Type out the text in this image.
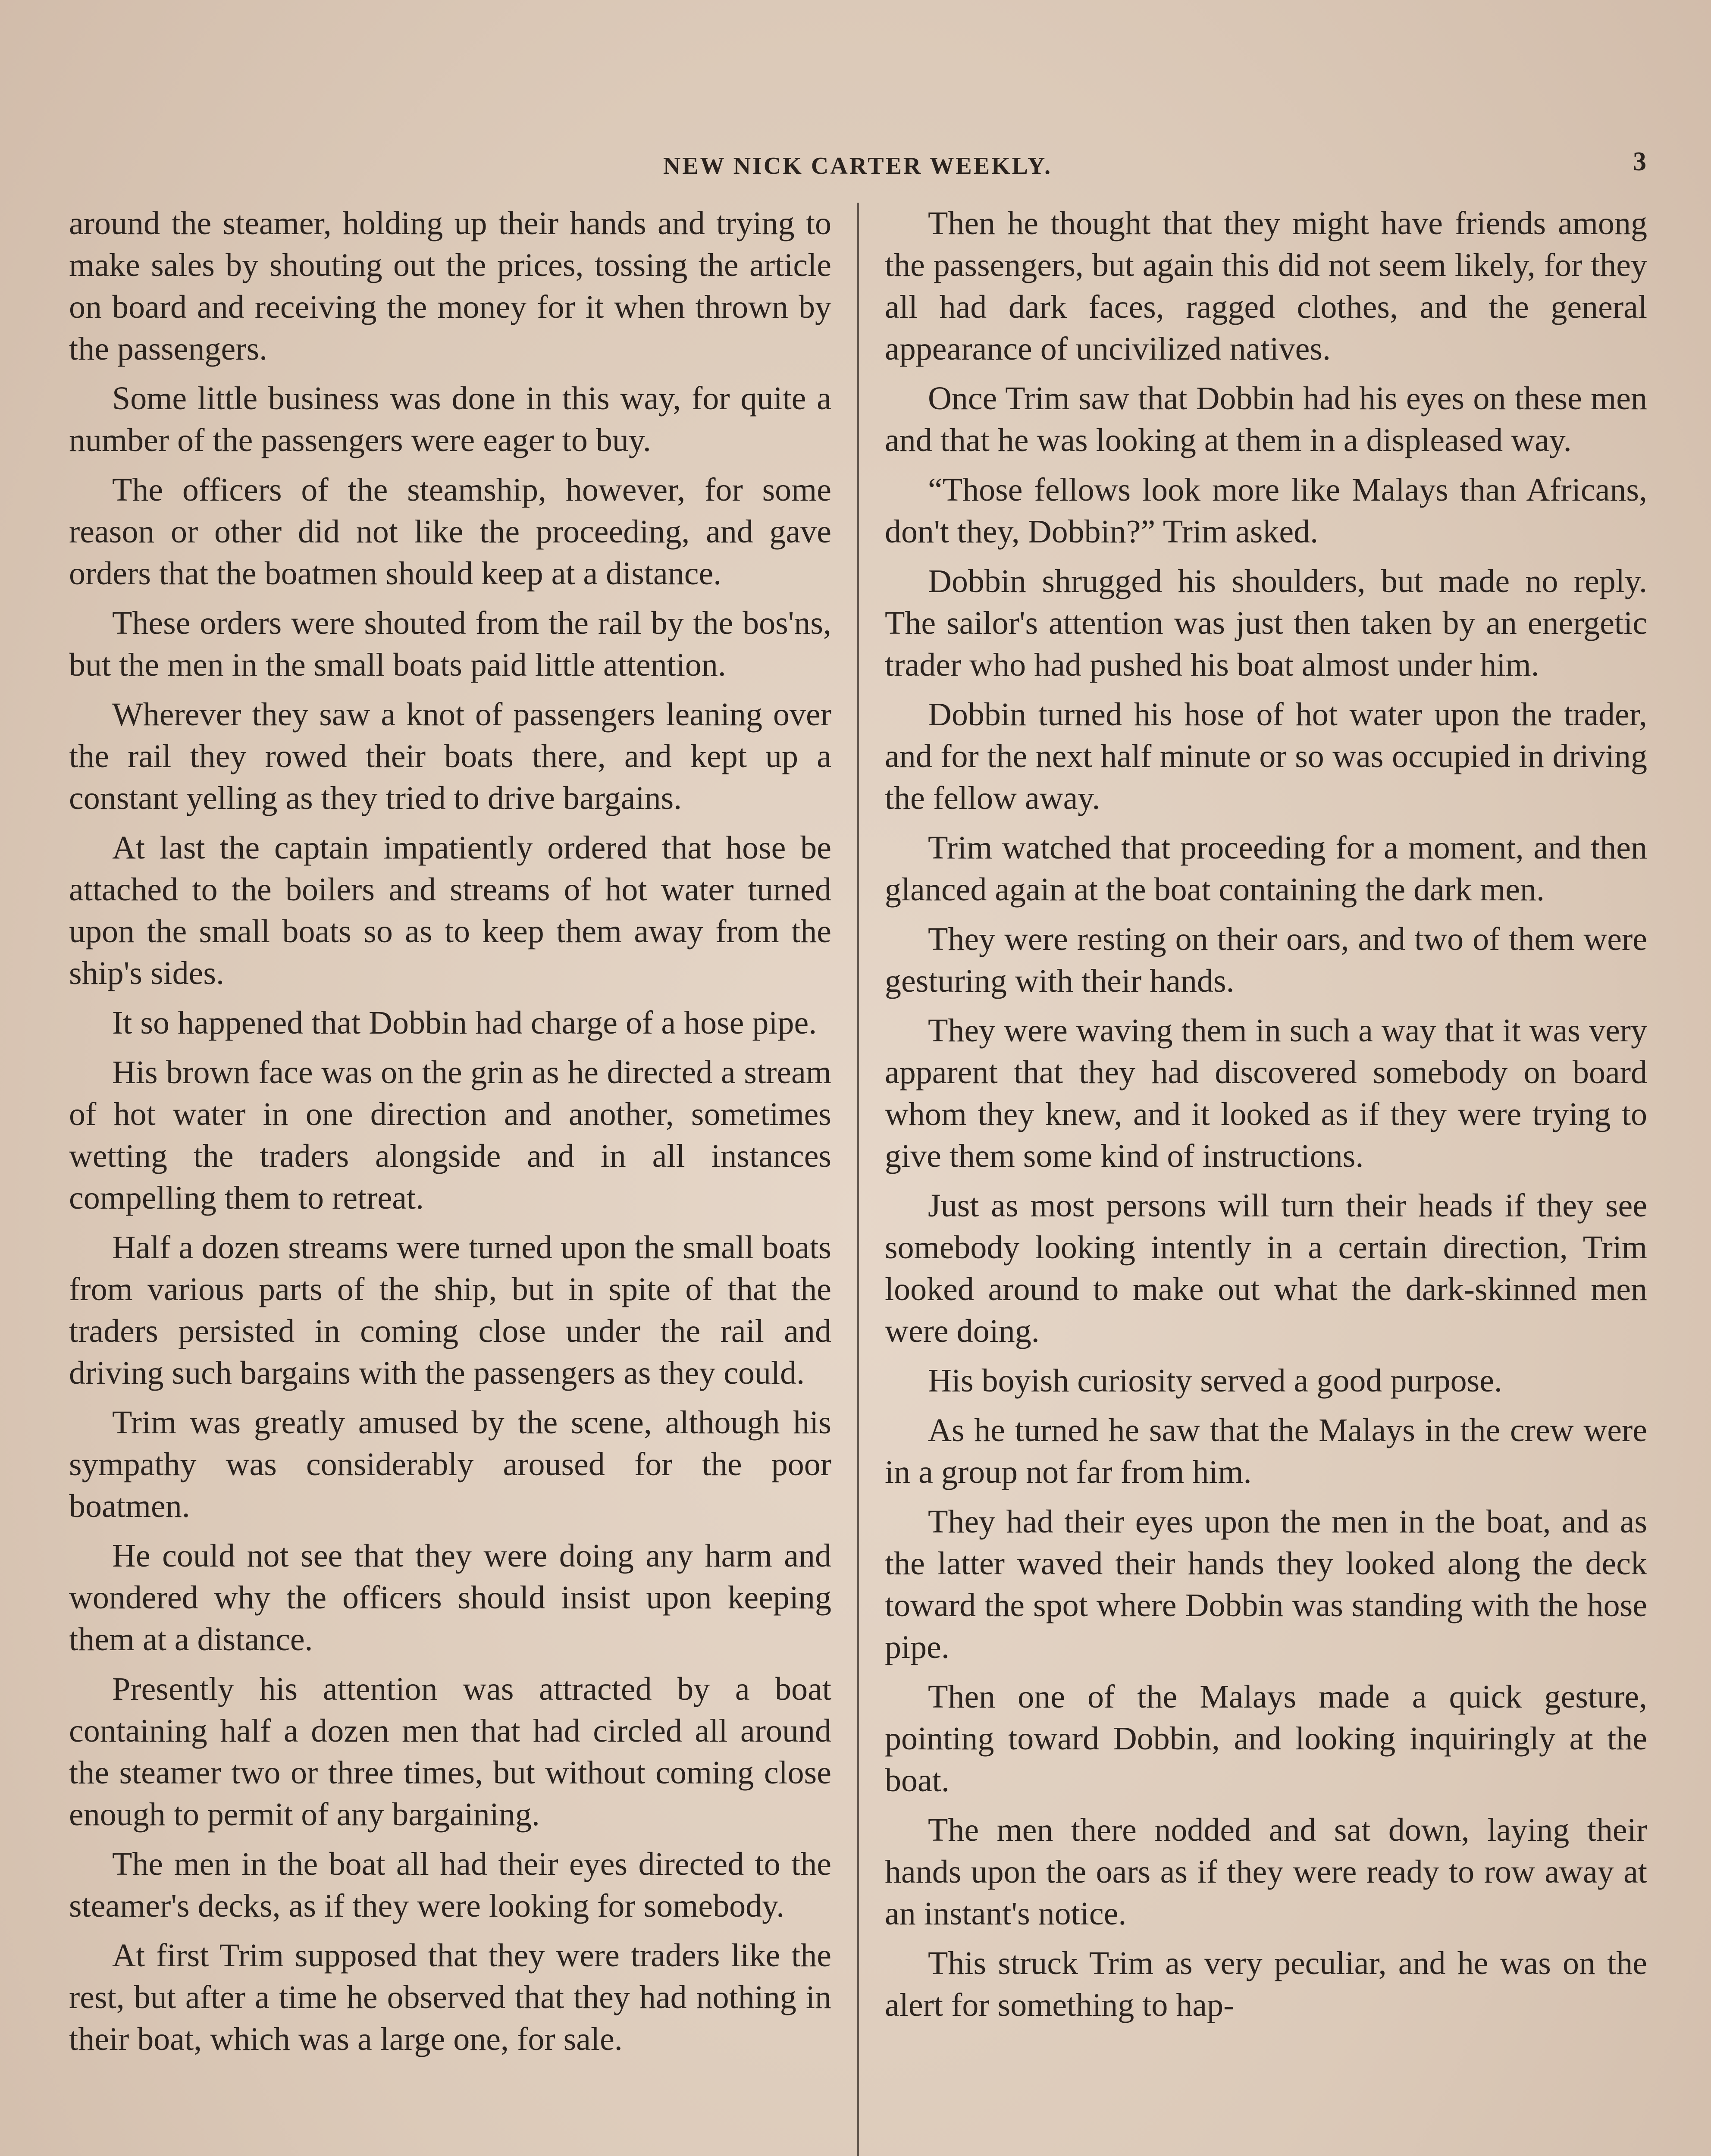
NEW NICK CARTER WEEKLY.	3

around the steamer, holding up their hands and trying to make sales by shouting out the prices, tossing the article on board and receiving the money for it when thrown by the passengers.

Some little business was done in this way, for quite a number of the passengers were eager to buy.

The officers of the steamship, however, for some reason or other did not like the proceeding, and gave orders that the boatmen should keep at a distance.

These orders were shouted from the rail by the bos'ns, but the men in the small boats paid little attention.

Wherever they saw a knot of passengers leaning over the rail they rowed their boats there, and kept up a constant yelling as they tried to drive bargains.

At last the captain impatiently ordered that hose be attached to the boilers and streams of hot water turned upon the small boats so as to keep them away from the ship's sides.

It so happened that Dobbin had charge of a hose pipe.

His brown face was on the grin as he directed a stream of hot water in one direction and another, sometimes wetting the traders alongside and in all instances compelling them to retreat.

Half a dozen streams were turned upon the small boats from various parts of the ship, but in spite of that the traders persisted in coming close under the rail and driving such bargains with the passengers as they could.

Trim was greatly amused by the scene, although his sympathy was considerably aroused for the poor boatmen.

He could not see that they were doing any harm and wondered why the officers should insist upon keeping them at a distance.

Presently his attention was attracted by a boat containing half a dozen men that had circled all around the steamer two or three times, but without coming close enough to permit of any bargaining.

The men in the boat all had their eyes directed to the steamer's decks, as if they were looking for somebody.

At first Trim supposed that they were traders like the rest, but after a time he observed that they had nothing in their boat, which was a large one, for sale.

Then he thought that they might have friends among the passengers, but again this did not seem likely, for they all had dark faces, ragged clothes, and the general appearance of uncivilized natives.

Once Trim saw that Dobbin had his eyes on these men and that he was looking at them in a displeased way.

“Those fellows look more like Malays than Africans, don't they, Dobbin?” Trim asked.

Dobbin shrugged his shoulders, but made no reply. The sailor's attention was just then taken by an energetic trader who had pushed his boat almost under him.

Dobbin turned his hose of hot water upon the trader, and for the next half minute or so was occupied in driving the fellow away.

Trim watched that proceeding for a moment, and then glanced again at the boat containing the dark men.

They were resting on their oars, and two of them were gesturing with their hands.

They were waving them in such a way that it was very apparent that they had discovered somebody on board whom they knew, and it looked as if they were trying to give them some kind of instructions.

Just as most persons will turn their heads if they see somebody looking intently in a certain direction, Trim looked around to make out what the dark-skinned men were doing.

His boyish curiosity served a good purpose.

As he turned he saw that the Malays in the crew were in a group not far from him.

They had their eyes upon the men in the boat, and as the latter waved their hands they looked along the deck toward the spot where Dobbin was standing with the hose pipe.

Then one of the Malays made a quick gesture, pointing toward Dobbin, and looking inquiringly at the boat.

The men there nodded and sat down, laying their hands upon the oars as if they were ready to row away at an instant's notice.

This struck Trim as very peculiar, and he was on the alert for something to hap-
